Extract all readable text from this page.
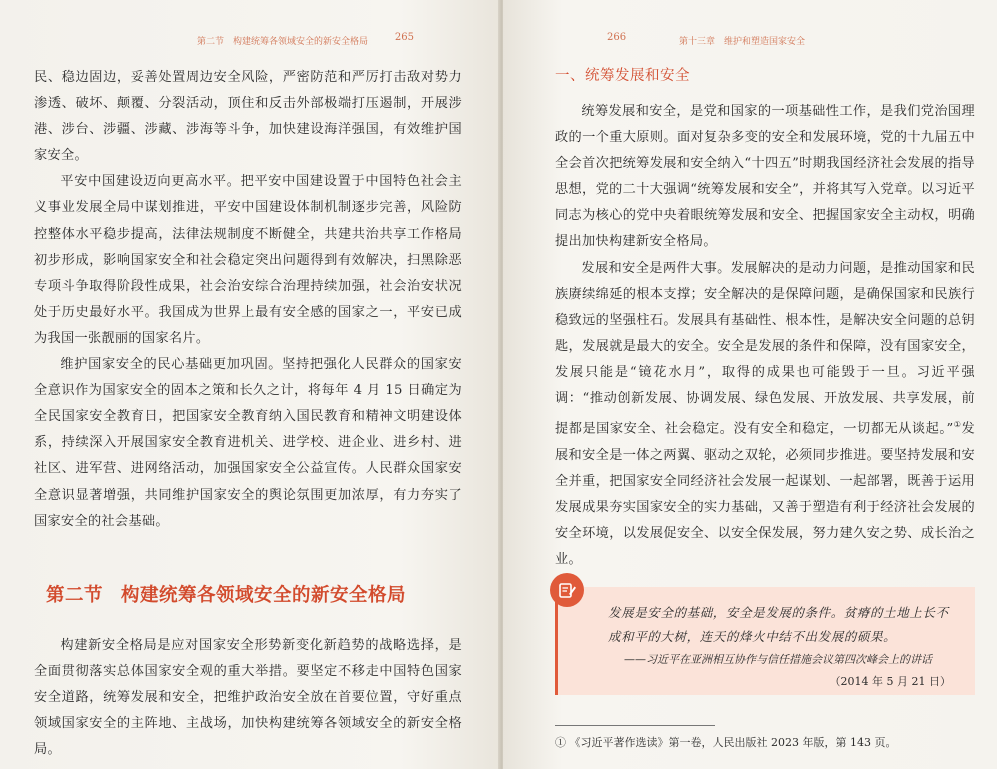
第二节　构建统筹各领域安全的新安全格局	265

民、稳边固边，妥善处置周边安全风险，严密防范和严厉打击敌对势力渗透、破坏、颠覆、分裂活动，顶住和反击外部极端打压遏制，开展涉港、涉台、涉疆、涉藏、涉海等斗争，加快建设海洋强国，有效维护国家安全。

平安中国建设迈向更高水平。把平安中国建设置于中国特色社会主义事业发展全局中谋划推进，平安中国建设体制机制逐步完善，风险防控整体水平稳步提高，法律法规制度不断健全，共建共治共享工作格局初步形成，影响国家安全和社会稳定突出问题得到有效解决，扫黑除恶专项斗争取得阶段性成果，社会治安综合治理持续加强，社会治安状况处于历史最好水平。我国成为世界上最有安全感的国家之一，平安已成为我国一张靓丽的国家名片。

维护国家安全的民心基础更加巩固。坚持把强化人民群众的国家安全意识作为国家安全的固本之策和长久之计，将每年 4 月 15 日确定为全民国家安全教育日，把国家安全教育纳入国民教育和精神文明建设体系，持续深入开展国家安全教育进机关、进学校、进企业、进乡村、进社区、进军营、进网络活动，加强国家安全公益宣传。人民群众国家安全意识显著增强，共同维护国家安全的舆论氛围更加浓厚，有力夯实了国家安全的社会基础。

第二节 构建统筹各领域安全的新安全格局

构建新安全格局是应对国家安全形势新变化新趋势的战略选择，是全面贯彻落实总体国家安全观的重大举措。要坚定不移走中国特色国家安全道路，统筹发展和安全，把维护政治安全放在首要位置，守好重点领域国家安全的主阵地、主战场，加快构建统筹各领域安全的新安全格局。

266	第十三章　维护和塑造国家安全
一、统筹发展和安全

统筹发展和安全，是党和国家的一项基础性工作，是我们党治国理政的一个重大原则。面对复杂多变的安全和发展环境，党的十九届五中全会首次把统筹发展和安全纳入“十四五”时期我国经济社会发展的指导思想，党的二十大强调“统筹发展和安全”，并将其写入党章。以习近平同志为核心的党中央着眼统筹发展和安全、把握国家安全主动权，明确提出加快构建新安全格局。

发展和安全是两件大事。发展解决的是动力问题，是推动国家和民族赓续绵延的根本支撑；安全解决的是保障问题，是确保国家和民族行稳致远的坚强柱石。发展具有基础性、根本性，是解决安全问题的总钥匙，发展就是最大的安全。安全是发展的条件和保障，没有国家安全，发展只能是“镜花水月”，取得的成果也可能毁于一旦。习近平强调：“推动创新发展、协调发展、绿色发展、开放发展、共享发展，前提都是国家安全、社会稳定。没有安全和稳定，一切都无从谈起。”①发展和安全是一体之两翼、驱动之双轮，必须同步推进。要坚持发展和安全并重，把国家安全同经济社会发展一起谋划、一起部署，既善于运用发展成果夯实国家安全的实力基础，又善于塑造有利于经济社会发展的安全环境，以发展促安全、以安全保发展，努力建久安之势、成长治之业。

发展是安全的基础，安全是发展的条件。贫瘠的土地上长不成和平的大树，连天的烽火中结不出发展的硕果。
——习近平在亚洲相互协作与信任措施会议第四次峰会上的讲话
（2014 年 5 月 21 日）
① 《习近平著作选读》第一卷，人民出版社 2023 年版，第 143 页。
